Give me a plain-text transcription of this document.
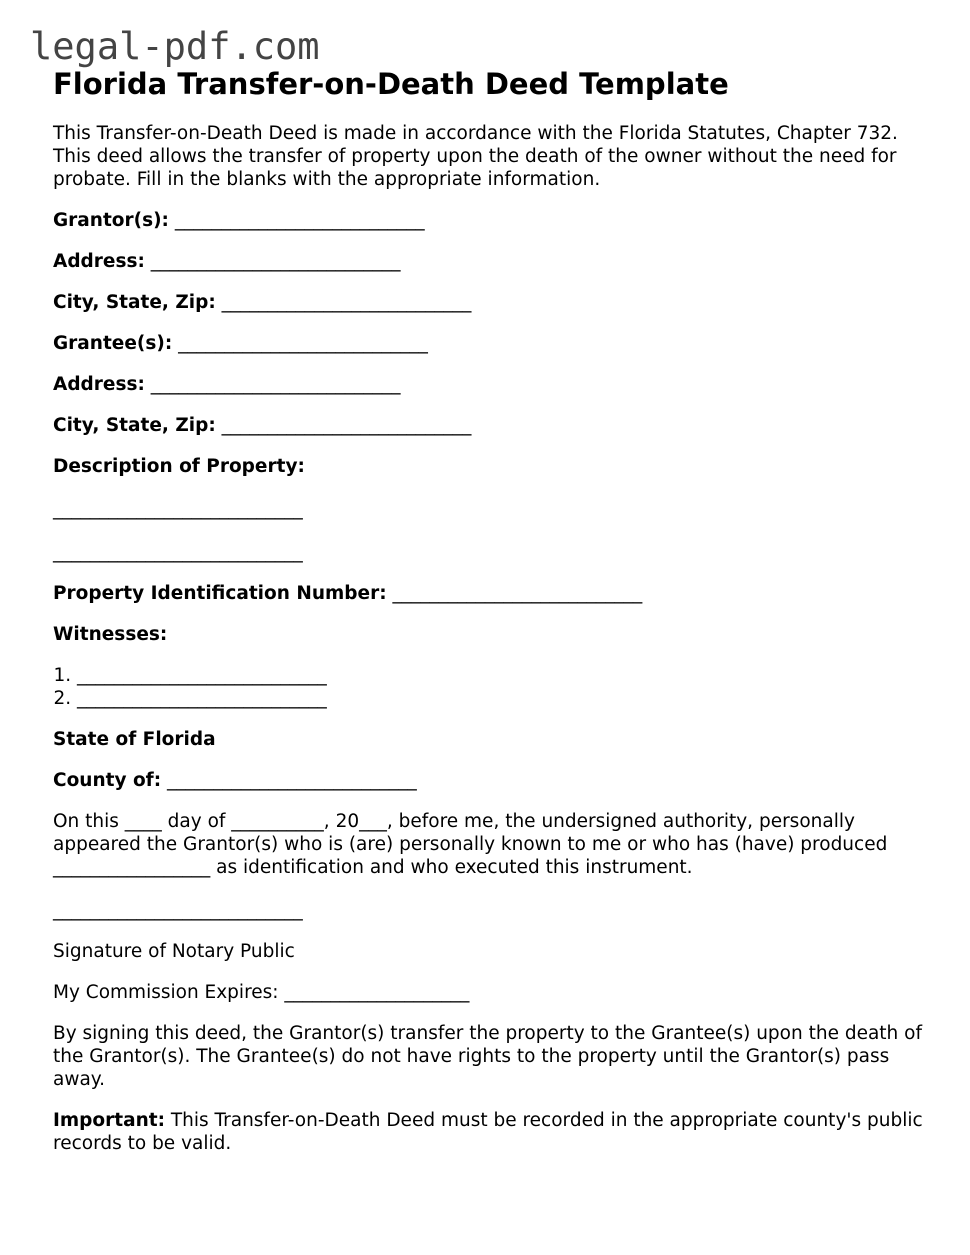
legal-pdf.com
Florida Transfer-on-Death Deed Template
This Transfer-on-Death Deed is made in accordance with the Florida Statutes, Chapter 732. This deed allows the transfer of property upon the death of the owner without the need for probate. Fill in the blanks with the appropriate information.
Grantor(s): ___________________________
Address: ___________________________
City, State, Zip: ___________________________
Grantee(s): ___________________________
Address: ___________________________
City, State, Zip: ___________________________
Description of Property:
___________________________
___________________________
Property Identification Number: ___________________________
Witnesses:
1. ___________________________
2. ___________________________
State of Florida
County of: ___________________________

On this ____ day of __________, 20___, before me, the undersigned authority, personally appeared the Grantor(s) who is (are) personally known to me or who has (have) produced _________________ as identification and who executed this instrument.

___________________________

Signature of Notary Public

My Commission Expires: ____________________

By signing this deed, the Grantor(s) transfer the property to the Grantee(s) upon the death of the Grantor(s). The Grantee(s) do not have rights to the property until the Grantor(s) pass away.

Important: This Transfer-on-Death Deed must be recorded in the appropriate county's public records to be valid.
